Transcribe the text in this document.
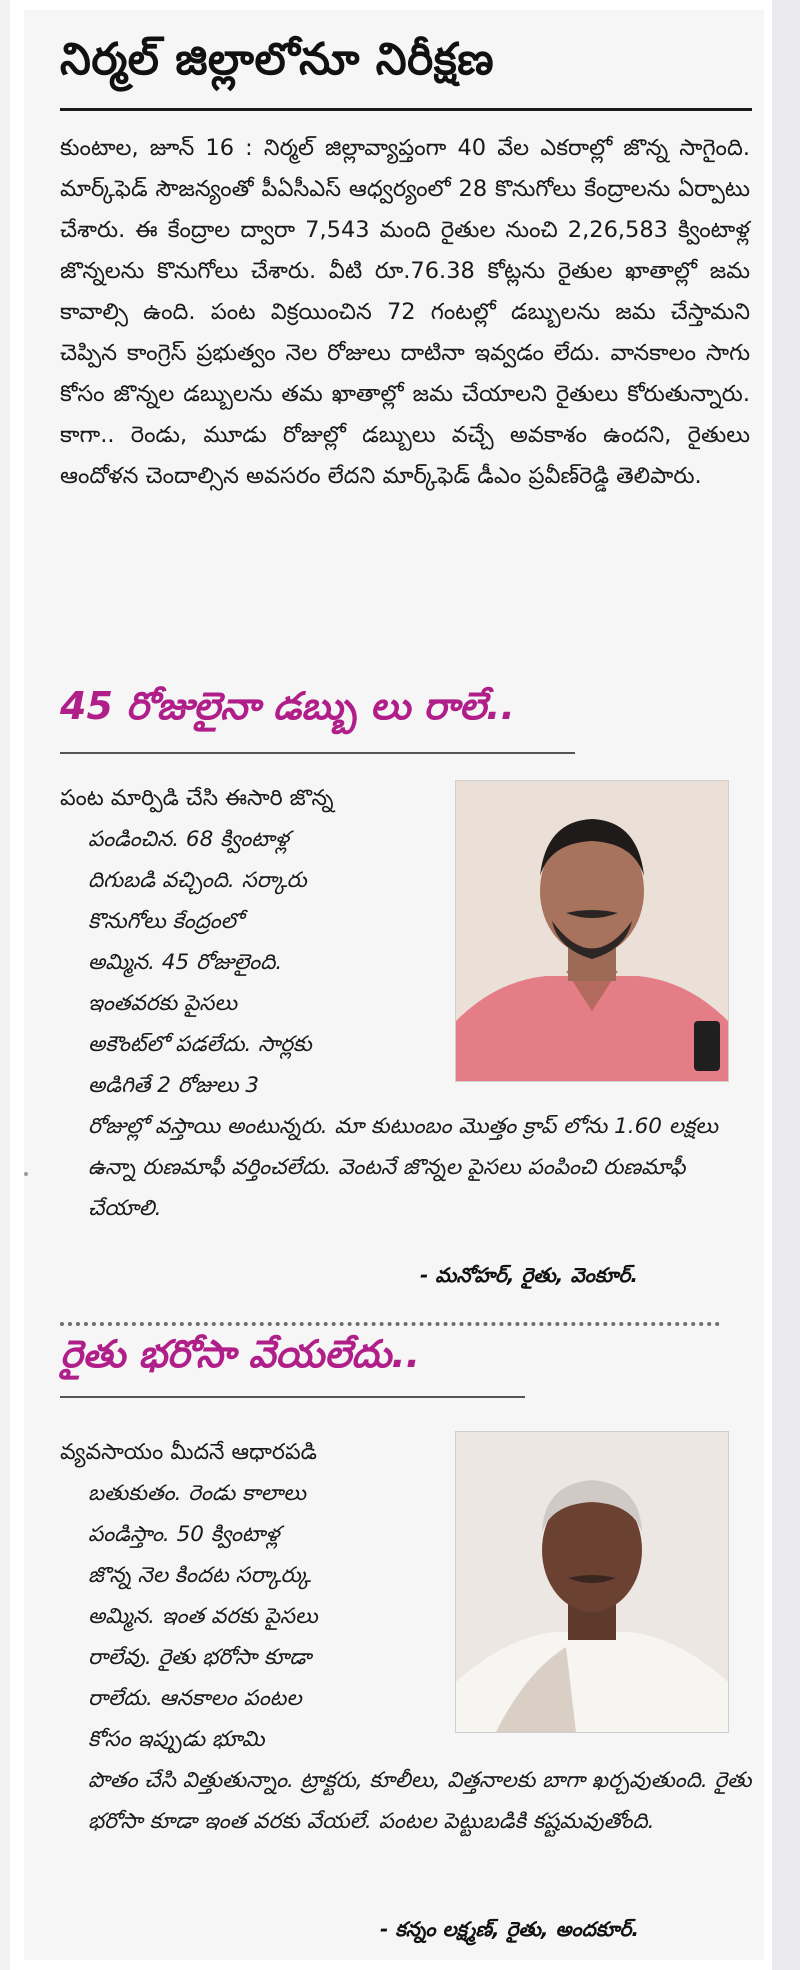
నిర్మల్ జిల్లాలోనూ నిరీక్షణ

కుంటాల, జూన్ 16 : నిర్మల్ జిల్లావ్యాప్తంగా 40 వేల ఎకరాల్లో జొన్న సాగైంది. మార్క్‌ఫెడ్ సౌజన్యంతో పీఏసీఎస్ ఆధ్వర్యంలో 28 కొనుగోలు కేంద్రాలను ఏర్పాటు చేశారు. ఈ కేంద్రాల ద్వారా 7,543 మంది రైతుల నుంచి 2,26,583 క్వింటాళ్ల జొన్నలను కొనుగోలు చేశారు. వీటి రూ.76.38 కోట్లను రైతుల ఖాతాల్లో జమ కావాల్సి ఉంది. పంట విక్రయించిన 72 గంటల్లో డబ్బులను జమ చేస్తామని చెప్పిన కాంగ్రెస్ ప్రభుత్వం నెల రోజులు దాటినా ఇవ్వడం లేదు. వానకాలం సాగు కోసం జొన్నల డబ్బులను తమ ఖాతాల్లో జమ చేయాలని రైతులు కోరుతున్నారు. కాగా.. రెండు, మూడు రోజుల్లో డబ్బులు వచ్చే అవకాశం ఉందని, రైతులు ఆందోళన చెందాల్సిన అవసరం లేదని మార్క్‌ఫెడ్ డీఎం ప్రవీణ్‌రెడ్డి తెలిపారు.

45 రోజులైనా డబ్బు లు రాలే..

పంట మార్పిడి చేసి ఈసారి జొన్న

పండించిన. 68 క్వింటాళ్ల

దిగుబడి వచ్చింది. సర్కారు

కొనుగోలు కేంద్రంలో

అమ్మిన. 45 రోజులైంది.

ఇంతవరకు పైసలు

అకౌంట్‌లో పడలేదు. సార్లకు

అడిగితే 2 రోజులు 3

రోజుల్లో వస్తాయి అంటున్నరు. మా కుటుంబం మొత్తం క్రాప్ లోను 1.60 లక్షలు ఉన్నా రుణమాఫీ వర్తించలేదు. వెంటనే జొన్నల పైసలు పంపించి రుణమాఫీ చేయాలి.

- మనోహర్, రైతు, వెంకూర్.
రైతు భరోసా వేయలేదు..

వ్యవసాయం మీదనే ఆధారపడి

బతుకుతం. రెండు కాలాలు

పండిస్తాం. 50 క్వింటాళ్ల

జొన్న నెల కిందట సర్కార్కు

అమ్మిన. ఇంత వరకు పైసలు

రాలేవు. రైతు భరోసా కూడా

రాలేదు. ఆనకాలం పంటల

కోసం ఇప్పుడు భూమి

పొతం చేసి విత్తుతున్నాం. ట్రాక్టరు, కూలీలు, విత్తనాలకు బాగా ఖర్చవుతుంది. రైతు భరోసా కూడా ఇంత వరకు వేయలే. పంటల పెట్టుబడికి కష్టమవుతోంది.

- కన్నం లక్ష్మణ్, రైతు, అందకూర్.
